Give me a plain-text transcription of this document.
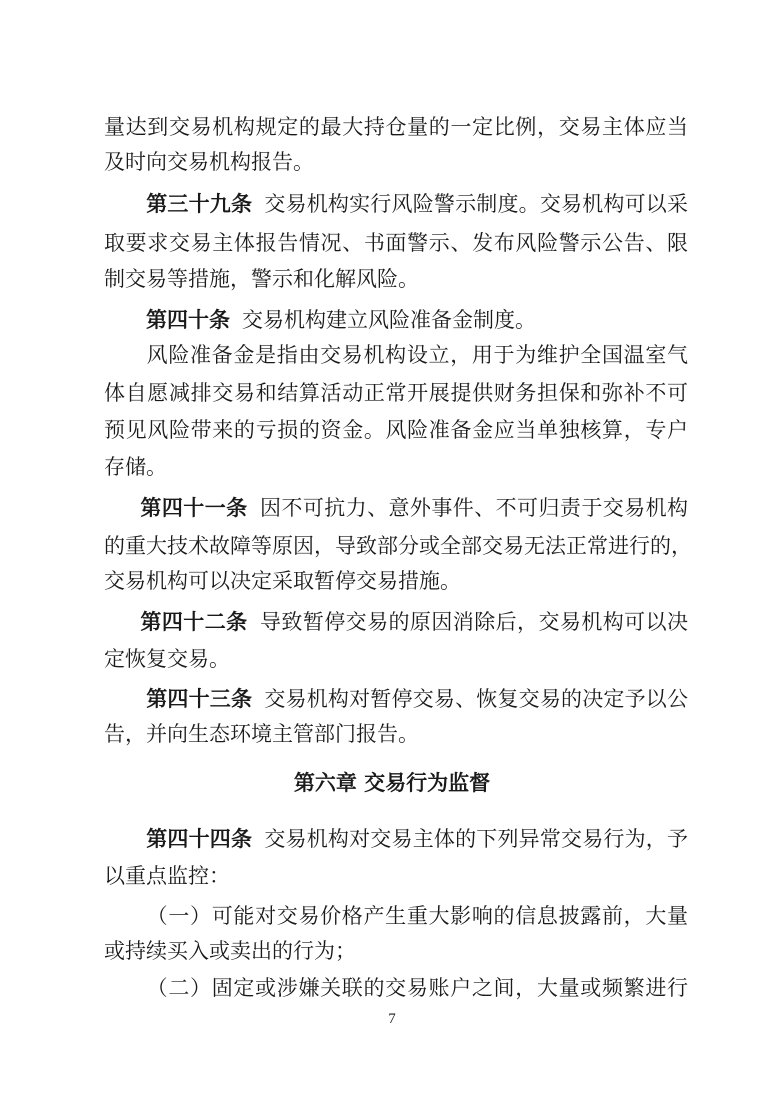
量达到交易机构规定的最大持仓量的一定比例，交易主体应当
及时向交易机构报告。
第三十九条 交易机构实行风险警示制度。交易机构可以采
取要求交易主体报告情况、书面警示、发布风险警示公告、限
制交易等措施，警示和化解风险。
第四十条 交易机构建立风险准备金制度。
风险准备金是指由交易机构设立，用于为维护全国温室气
体自愿减排交易和结算活动正常开展提供财务担保和弥补不可
预见风险带来的亏损的资金。风险准备金应当单独核算，专户
存储。
第四十一条 因不可抗力、意外事件、不可归责于交易机构
的重大技术故障等原因，导致部分或全部交易无法正常进行的，
交易机构可以决定采取暂停交易措施。
第四十二条 导致暂停交易的原因消除后，交易机构可以决
定恢复交易。
第四十三条 交易机构对暂停交易、恢复交易的决定予以公
告，并向生态环境主管部门报告。
第六章 交易行为监督
第四十四条 交易机构对交易主体的下列异常交易行为，予
以重点监控：
（一）可能对交易价格产生重大影响的信息披露前，大量
或持续买入或卖出的行为；
（二）固定或涉嫌关联的交易账户之间，大量或频繁进行
7
